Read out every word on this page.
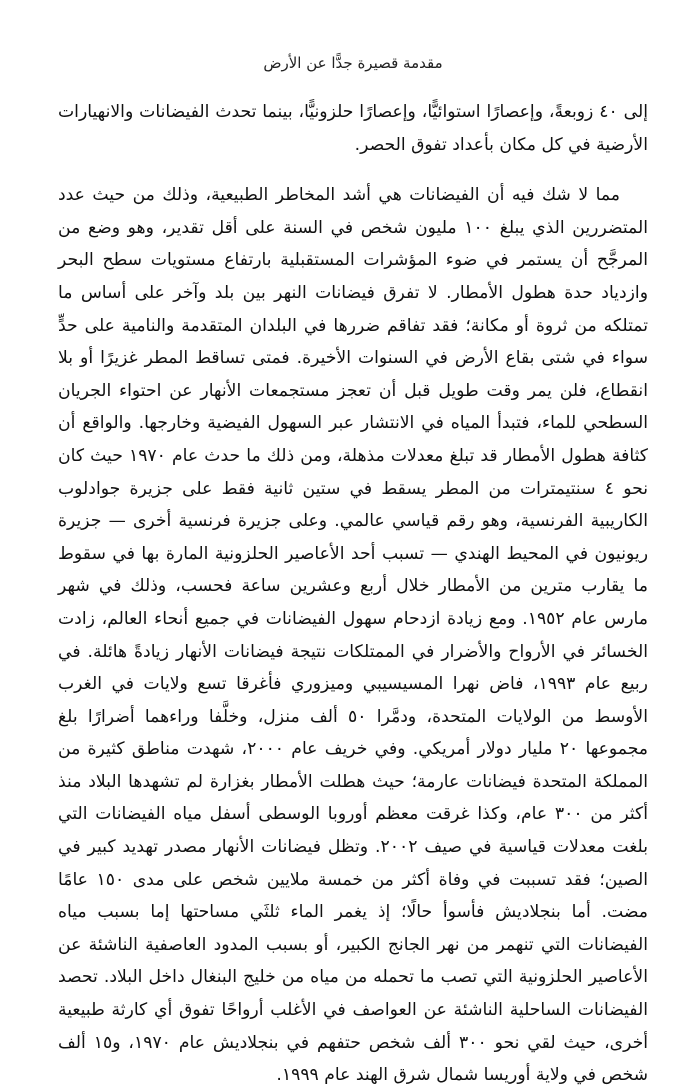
مقدمة قصيرة جدًّا عن الأرض

إلى ٤٠ زوبعةً، وإعصارًا استوائيًّا، وإعصارًا حلزونيًّا، بينما تحدث الفيضانات والانهيارات الأرضية في كل مكان بأعداد تفوق الحصر.

مما لا شك فيه أن الفيضانات هي أشد المخاطر الطبيعية، وذلك من حيث عدد المتضررين الذي يبلغ ١٠٠ مليون شخص في السنة على أقل تقدير، وهو وضع من المرجَّح أن يستمر في ضوء المؤشرات المستقبلية بارتفاع مستويات سطح البحر وازدياد حدة هطول الأمطار. لا تفرق فيضانات النهر بين بلد وآخر على أساس ما تمتلكه من ثروة أو مكانة؛ فقد تفاقم ضررها في البلدان المتقدمة والنامية على حدٍّ سواء في شتى بقاع الأرض في السنوات الأخيرة. فمتى تساقط المطر غزيرًا أو بلا انقطاع، فلن يمر وقت طويل قبل أن تعجز مستجمعات الأنهار عن احتواء الجريان السطحي للماء، فتبدأ المياه في الانتشار عبر السهول الفيضية وخارجها. والواقع أن كثافة هطول الأمطار قد تبلغ معدلات مذهلة، ومن ذلك ما حدث عام ١٩٧٠ حيث كان نحو ٤ سنتيمترات من المطر يسقط في ستين ثانية فقط على جزيرة جوادلوب الكاريبية الفرنسية، وهو رقم قياسي عالمي. وعلى جزيرة فرنسية أخرى — جزيرة ريونيون في المحيط الهندي — تسبب أحد الأعاصير الحلزونية المارة بها في سقوط ما يقارب مترين من الأمطار خلال أربع وعشرين ساعة فحسب، وذلك في شهر مارس عام ١٩٥٢. ومع زيادة ازدحام سهول الفيضانات في جميع أنحاء العالم، زادت الخسائر في الأرواح والأضرار في الممتلكات نتيجة فيضانات الأنهار زيادةً هائلة. في ربيع عام ١٩٩٣، فاض نهرا المسيسيبي وميزوري فأغرقا تسع ولايات في الغرب الأوسط من الولايات المتحدة، ودمَّرا ٥٠ ألف منزل، وخلَّفا وراءهما أضرارًا بلغ مجموعها ٢٠ مليار دولار أمريكي. وفي خريف عام ٢٠٠٠، شهدت مناطق كثيرة من المملكة المتحدة فيضانات عارمة؛ حيث هطلت الأمطار بغزارة لم تشهدها البلاد منذ أكثر من ٣٠٠ عام، وكذا غرقت معظم أوروبا الوسطى أسفل مياه الفيضانات التي بلغت معدلات قياسية في صيف ٢٠٠٢. وتظل فيضانات الأنهار مصدر تهديد كبير في الصين؛ فقد تسببت في وفاة أكثر من خمسة ملايين شخص على مدى ١٥٠ عامًا مضت. أما بنجلاديش فأسوأ حالًا؛ إذ يغمر الماء ثلثَي مساحتها إما بسبب مياه الفيضانات التي تنهمر من نهر الجانج الكبير، أو بسبب المدود العاصفية الناشئة عن الأعاصير الحلزونية التي تصب ما تحمله من مياه من خليج البنغال داخل البلاد. تحصد الفيضانات الساحلية الناشئة عن العواصف في الأغلب أرواحًا تفوق أي كارثة طبيعية أخرى، حيث لقي نحو ٣٠٠ ألف شخص حتفهم في بنجلاديش عام ١٩٧٠، و١٥ ألف شخص في ولاية أوريسا شمال شرق الهند عام ١٩٩٩.
